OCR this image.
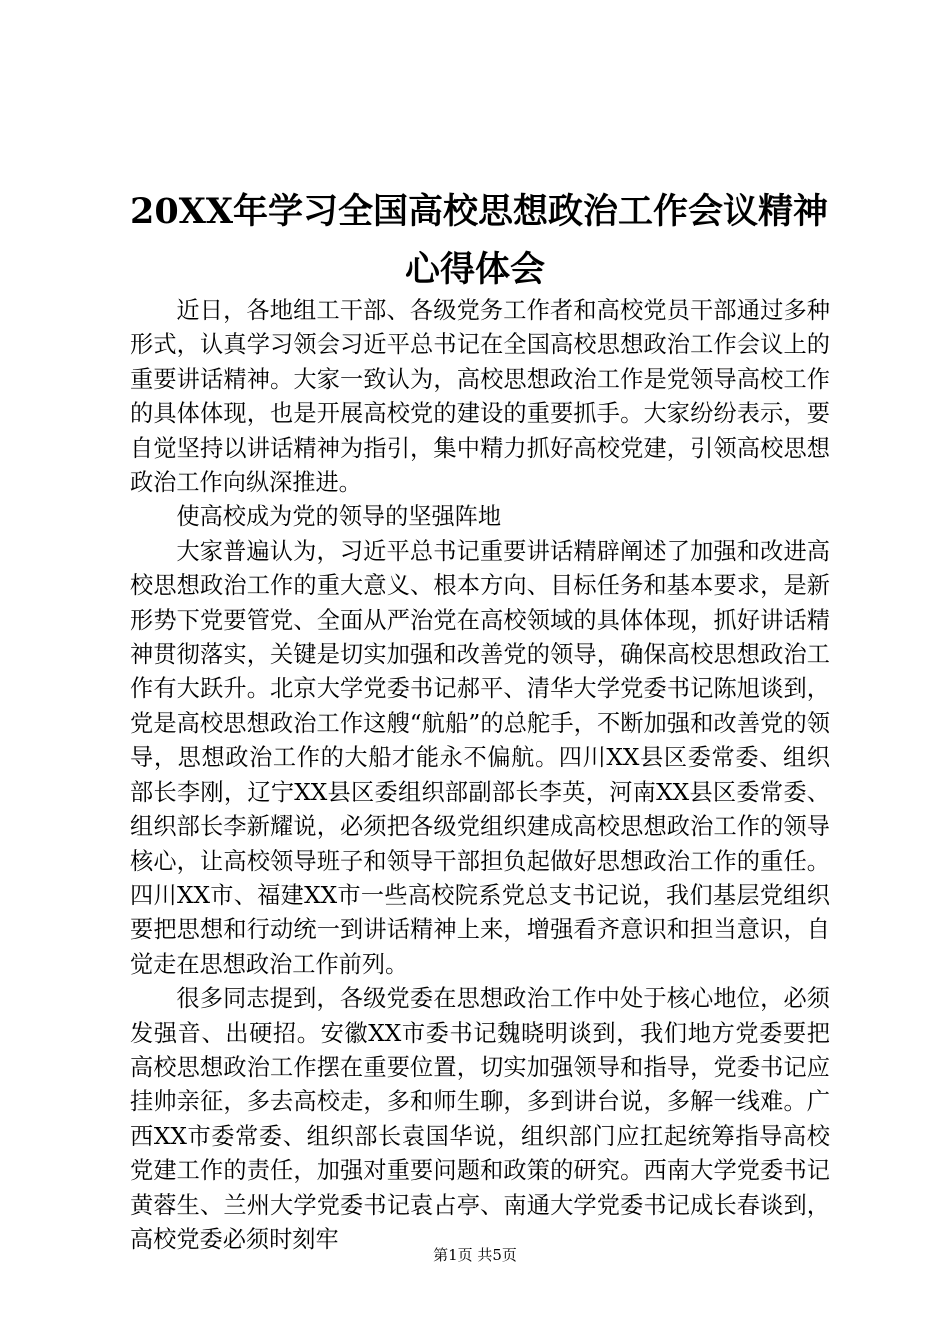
20XX年学习全国高校思想政治工作会议精神
心得体会

近日，各地组工干部、各级党务工作者和高校党员干部通过多种形式，认真学习领会习近平总书记在全国高校思想政治工作会议上的重要讲话精神。大家一致认为，高校思想政治工作是党领导高校工作的具体体现，也是开展高校党的建设的重要抓手。大家纷纷表示，要自觉坚持以讲话精神为指引，集中精力抓好高校党建，引领高校思想政治工作向纵深推进。

使高校成为党的领导的坚强阵地

大家普遍认为，习近平总书记重要讲话精辟阐述了加强和改进高校思想政治工作的重大意义、根本方向、目标任务和基本要求，是新形势下党要管党、全面从严治党在高校领域的具体体现，抓好讲话精神贯彻落实，关键是切实加强和改善党的领导，确保高校思想政治工作有大跃升。北京大学党委书记郝平、清华大学党委书记陈旭谈到，党是高校思想政治工作这艘“航船”的总舵手，不断加强和改善党的领导，思想政治工作的大船才能永不偏航。四川XX县区委常委、组织部长李刚，辽宁XX县区委组织部副部长李英，河南XX县区委常委、组织部长李新耀说，必须把各级党组织建成高校思想政治工作的领导核心，让高校领导班子和领导干部担负起做好思想政治工作的重任。四川XX市、福建XX市一些高校院系党总支书记说，我们基层党组织要把思想和行动统一到讲话精神上来，增强看齐意识和担当意识，自觉走在思想政治工作前列。

很多同志提到，各级党委在思想政治工作中处于核心地位，必须发强音、出硬招。安徽XX市委书记魏晓明谈到，我们地方党委要把高校思想政治工作摆在重要位置，切实加强领导和指导，党委书记应挂帅亲征，多去高校走，多和师生聊，多到讲台说，多解一线难。广西XX市委常委、组织部长袁国华说，组织部门应扛起统筹指导高校党建工作的责任，加强对重要问题和政策的研究。西南大学党委书记黄蓉生、兰州大学党委书记袁占亭、南通大学党委书记成长春谈到，高校党委必须时刻牢

第1页 共5页
